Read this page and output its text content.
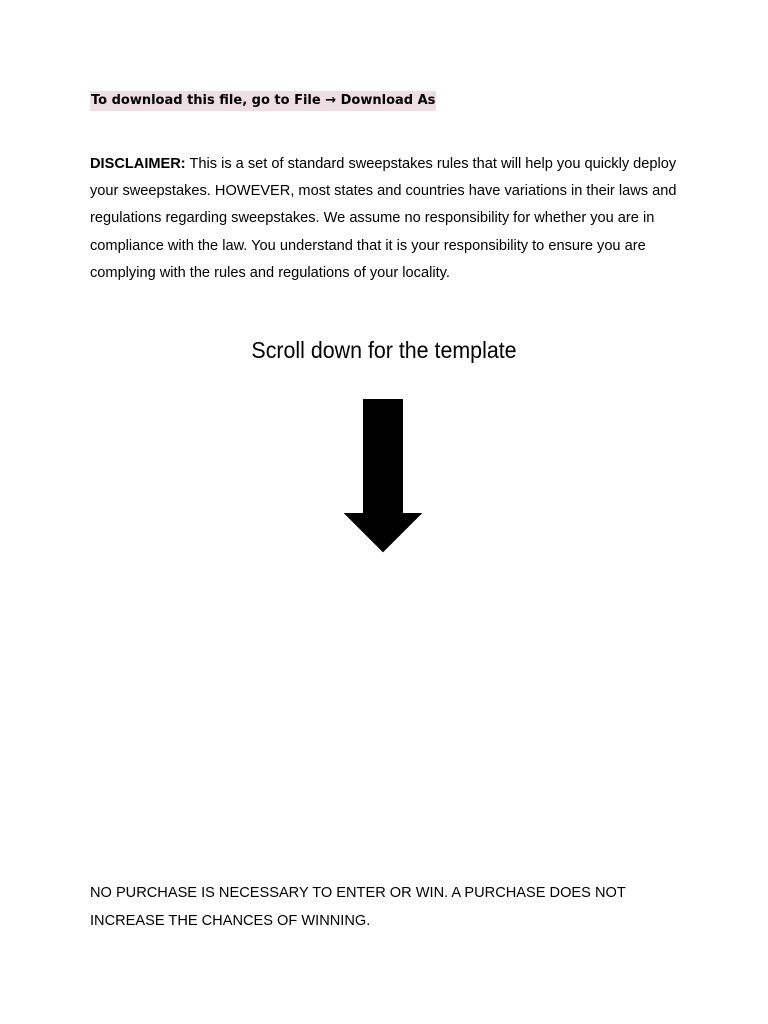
To download this file, go to File → Download As
DISCLAIMER: This is a set of standard sweepstakes rules that will help you quickly deploy your sweepstakes. HOWEVER, most states and countries have variations in their laws and regulations regarding sweepstakes. We assume no responsibility for whether you are in compliance with the law. You understand that it is your responsibility to ensure you are complying with the rules and regulations of your locality.
Scroll down for the template
NO PURCHASE IS NECESSARY TO ENTER OR WIN. A PURCHASE DOES NOT INCREASE THE CHANCES OF WINNING.
